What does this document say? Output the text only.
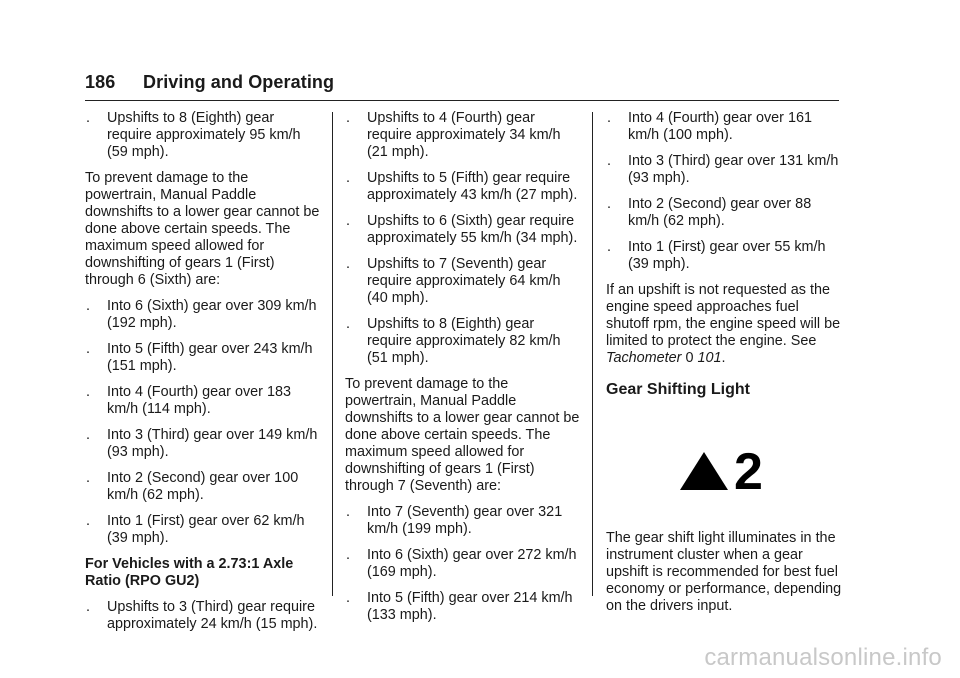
186 Driving and Operating
. Upshifts to 8 (Eighth) gear require approximately 95 km/h (59 mph).

To prevent damage to the powertrain, Manual Paddle downshifts to a lower gear cannot be done above certain speeds. The maximum speed allowed for downshifting of gears 1 (First) through 6 (Sixth) are:

. Into 6 (Sixth) gear over 309 km/h (192 mph).
. Into 5 (Fifth) gear over 243 km/h (151 mph).
. Into 4 (Fourth) gear over 183 km/h (114 mph).
. Into 3 (Third) gear over 149 km/h (93 mph).
. Into 2 (Second) gear over 100 km/h (62 mph).
. Into 1 (First) gear over 62 km/h (39 mph).

For Vehicles with a 2.73:1 Axle Ratio (RPO GU2)

. Upshifts to 3 (Third) gear require approximately 24 km/h (15 mph).
. Upshifts to 4 (Fourth) gear require approximately 34 km/h (21 mph).
. Upshifts to 5 (Fifth) gear require approximately 43 km/h (27 mph).
. Upshifts to 6 (Sixth) gear require approximately 55 km/h (34 mph).
. Upshifts to 7 (Seventh) gear require approximately 64 km/h (40 mph).
. Upshifts to 8 (Eighth) gear require approximately 82 km/h (51 mph).

To prevent damage to the powertrain, Manual Paddle downshifts to a lower gear cannot be done above certain speeds. The maximum speed allowed for downshifting of gears 1 (First) through 7 (Seventh) are:

. Into 7 (Seventh) gear over 321 km/h (199 mph).
. Into 6 (Sixth) gear over 272 km/h (169 mph).
. Into 5 (Fifth) gear over 214 km/h (133 mph).
. Into 4 (Fourth) gear over 161 km/h (100 mph).
. Into 3 (Third) gear over 131 km/h (93 mph).
. Into 2 (Second) gear over 88 km/h (62 mph).
. Into 1 (First) gear over 55 km/h (39 mph).

If an upshift is not requested as the engine speed approaches fuel shutoff rpm, the engine speed will be limited to protect the engine. See Tachometer 0 101.

Gear Shifting Light
2

The gear shift light illuminates in the instrument cluster when a gear upshift is recommended for best fuel economy or performance, depending on the drivers input.

carmanualsonline.info
